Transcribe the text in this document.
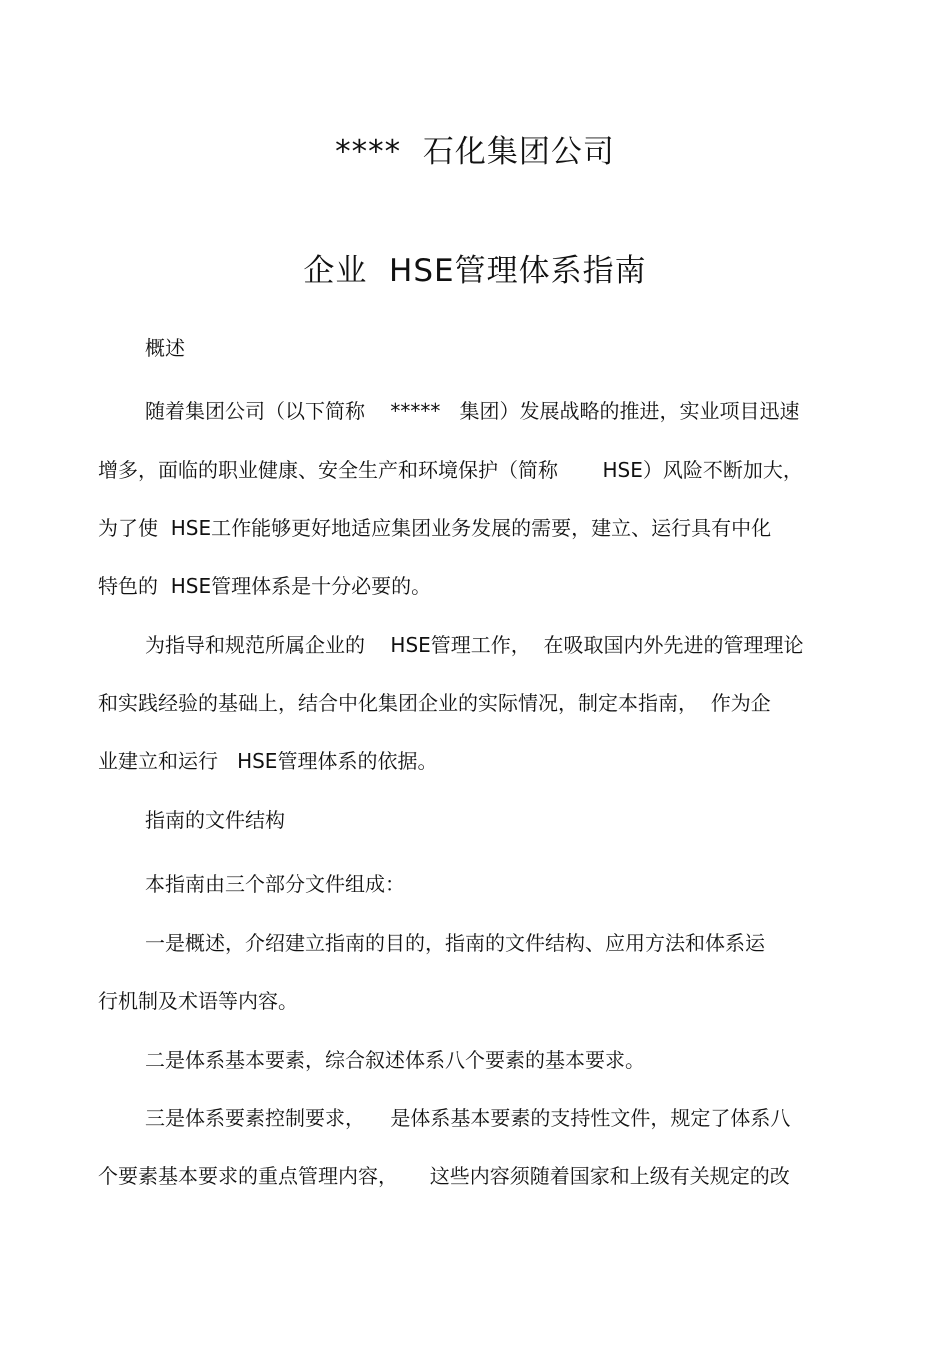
****  石化集团公司
企业  HSE管理体系指南
概述
随着集团公司（以下简称    *****   集团）发展战略的推进，实业项目迅速
增多，面临的职业健康、安全生产和环境保护（简称       HSE）风险不断加大，
为了使  HSE工作能够更好地适应集团业务发展的需要，建立、运行具有中化
特色的  HSE管理体系是十分必要的。
为指导和规范所属企业的    HSE管理工作，  在吸取国内外先进的管理理论
和实践经验的基础上，结合中化集团企业的实际情况，制定本指南，  作为企
业建立和运行   HSE管理体系的依据。
指南的文件结构
本指南由三个部分文件组成：
一是概述，介绍建立指南的目的，指南的文件结构、应用方法和体系运
行机制及术语等内容。
二是体系基本要素，综合叙述体系八个要素的基本要求。
三是体系要素控制要求，    是体系基本要素的支持性文件，规定了体系八
个要素基本要求的重点管理内容，     这些内容须随着国家和上级有关规定的改
